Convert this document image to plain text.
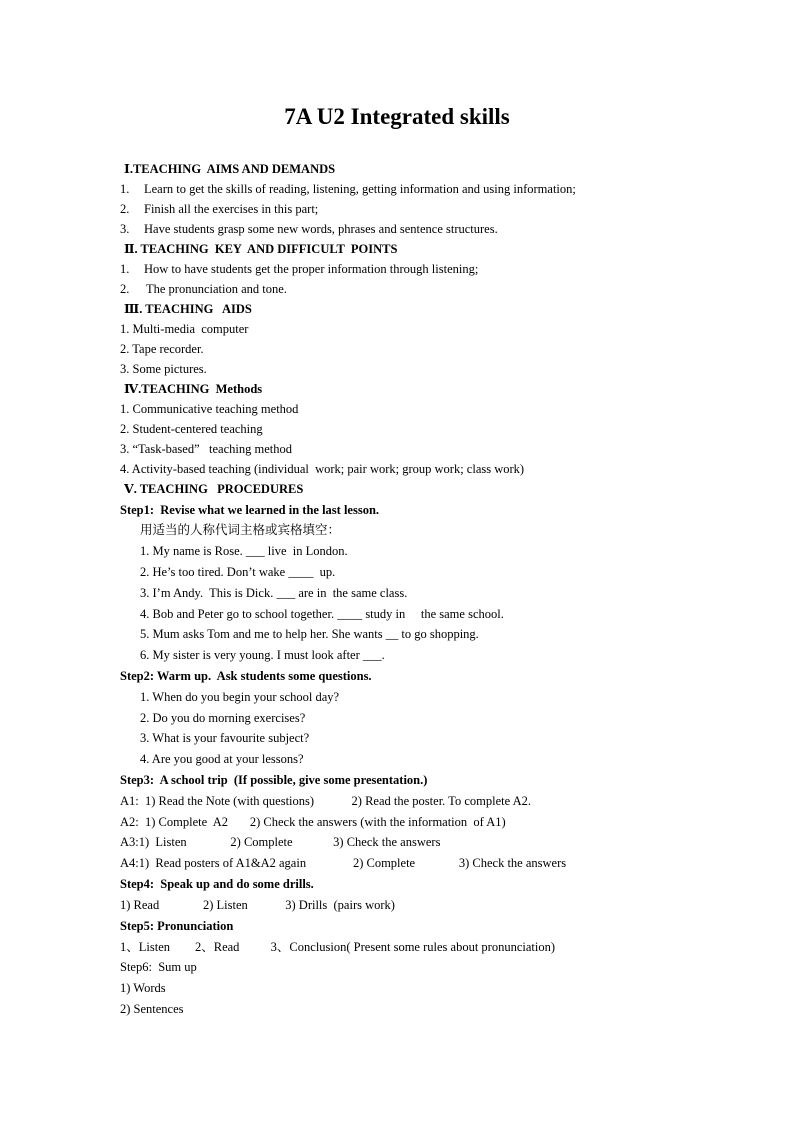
7A U2 Integrated skills
Ⅰ.TEACHING  AIMS AND DEMANDS
1. Learn to get the skills of reading, listening, getting information and using information;
2. Finish all the exercises in this part;
3. Have students grasp some new words, phrases and sentence structures.
Ⅱ. TEACHING  KEY  AND DIFFICULT  POINTS
1. How to have students get the proper information through listening;
2. The pronunciation and tone.
Ⅲ. TEACHING   AIDS
1. Multi-media  computer
2. Tape recorder.
3. Some pictures.
Ⅳ.TEACHING  Methods
1. Communicative teaching method
2. Student-centered teaching
3. “Task-based”   teaching method
4. Activity-based teaching (individual  work; pair work; group work; class work)
Ⅴ. TEACHING   PROCEDURES
Step1:  Revise what we learned in the last lesson.
用适当的人称代词主格或宾格填空：
1. My name is Rose. ___ live  in London.
2. He’s too tired. Don’t wake ____  up.
3. I’m Andy.  This is Dick. ___ are in  the same class.
4. Bob and Peter go to school together. ____ study in     the same school.
5. Mum asks Tom and me to help her. She wants __ to go shopping.
6. My sister is very young. I must look after ___.
Step2: Warm up.  Ask students some questions.
1. When do you begin your school day?
2. Do you do morning exercises?
3. What is your favourite subject?
4. Are you good at your lessons?
Step3:  A school trip  (If possible, give some presentation.)
A1:  1) Read the Note (with questions)            2) Read the poster. To complete A2.
A2:  1) Complete  A2       2) Check the answers (with the information  of A1)
A3:1)  Listen              2) Complete             3) Check the answers
A4:1)  Read posters of A1&A2 again               2) Complete              3) Check the answers
Step4:  Speak up and do some drills.
1) Read              2) Listen            3) Drills  (pairs work)
Step5: Pronunciation
1、Listen        2、Read          3、Conclusion( Present some rules about pronunciation)
Step6:  Sum up
1) Words
2) Sentences
